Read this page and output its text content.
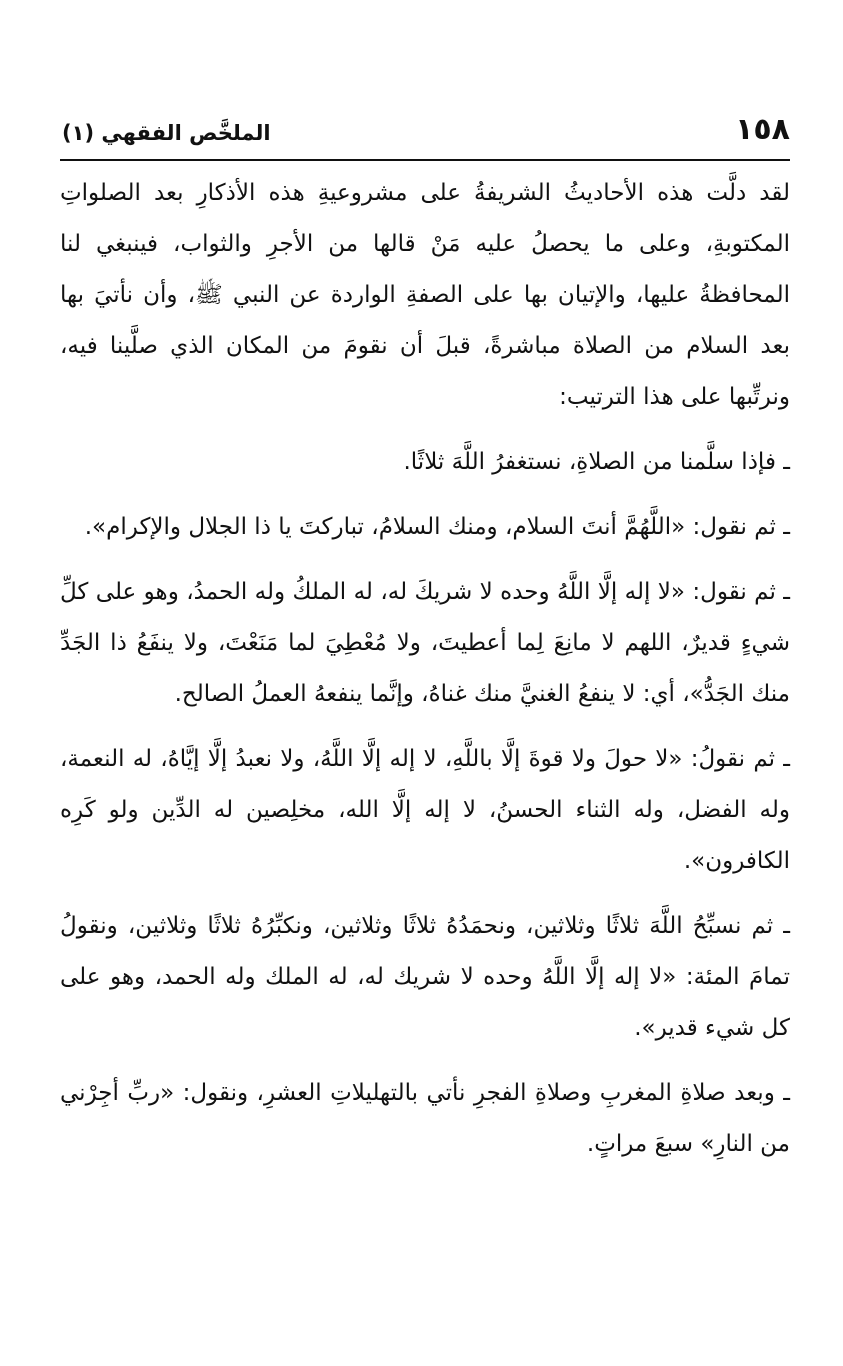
١٥٨
الملخَّص الفقهي (١)

لقد دلَّت هذه الأحاديثُ الشريفةُ على مشروعيةِ هذه الأذكارِ بعد الصلواتِ المكتوبةِ، وعلى ما يحصلُ عليه مَنْ قالها من الأجرِ والثواب، فينبغي لنا المحافظةُ عليها، والإتيان بها على الصفةِ الواردة عن النبي ﷺ، وأن نأتيَ بها بعد السلام من الصلاة مباشرةً، قبلَ أن نقومَ من المكان الذي صلَّينا فيه، ونرتِّبها على هذا الترتيب:

ـ فإذا سلَّمنا من الصلاةِ، نستغفرُ اللَّهَ ثلاثًا.

ـ ثم نقول: «اللَّهُمَّ أنتَ السلام، ومنك السلامُ، تباركتَ يا ذا الجلال والإكرام».

ـ ثم نقول: «لا إله إلَّا اللَّهُ وحده لا شريكَ له، له الملكُ وله الحمدُ، وهو على كلِّ شيءٍ قديرٌ، اللهم لا مانِعَ لِما أعطيتَ، ولا مُعْطِيَ لما مَنَعْتَ، ولا ينفَعُ ذا الجَدِّ منك الجَدُّ»، أي: لا ينفعُ الغنيَّ منك غناهُ، وإنَّما ينفعهُ العملُ الصالح.

ـ ثم نقولُ: «لا حولَ ولا قوةَ إلَّا باللَّهِ، لا إله إلَّا اللَّهُ، ولا نعبدُ إلَّا إيَّاهُ، له النعمة، وله الفضل، وله الثناء الحسنُ، لا إله إلَّا الله، مخلِصين له الدِّين ولو كَرِه الكافرون».

ـ ثم نسبِّحُ اللَّهَ ثلاثًا وثلاثين، ونحمَدُهُ ثلاثًا وثلاثين، ونكبِّرُهُ ثلاثًا وثلاثين، ونقولُ تمامَ المئة: «لا إله إلَّا اللَّهُ وحده لا شريك له، له الملك وله الحمد، وهو على كل شيء قدير».

ـ وبعد صلاةِ المغربِ وصلاةِ الفجرِ نأتي بالتهليلاتِ العشرِ، ونقول: «ربِّ أجِرْني من النارِ» سبعَ مراتٍ.
